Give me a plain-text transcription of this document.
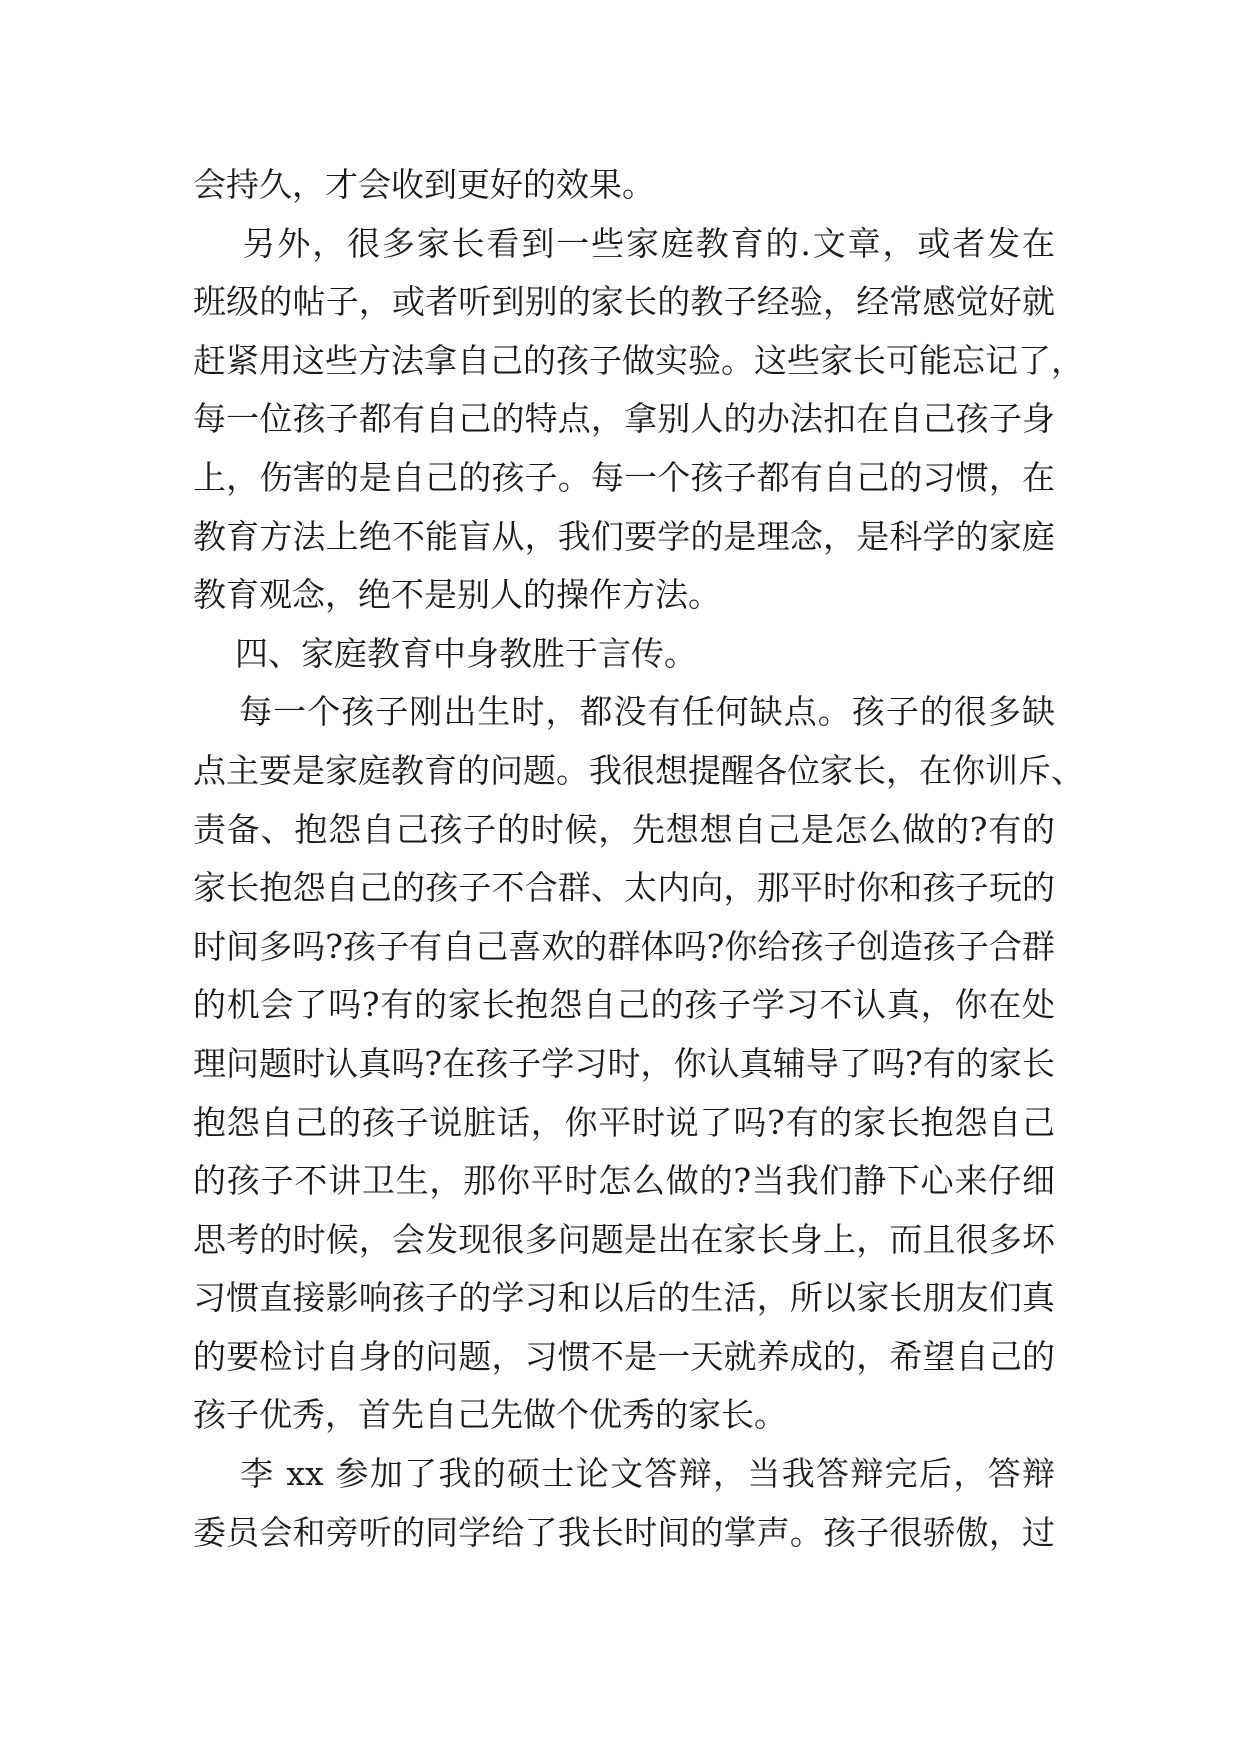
会持久，才会收到更好的效果。
另外，很多家长看到一些家庭教育的.文章，或者发在
班级的帖子，或者听到别的家长的教子经验，经常感觉好就
赶紧用这些方法拿自己的孩子做实验。这些家长可能忘记了，
每一位孩子都有自己的特点，拿别人的办法扣在自己孩子身
上，伤害的是自己的孩子。每一个孩子都有自己的习惯，在
教育方法上绝不能盲从，我们要学的是理念，是科学的家庭
教育观念，绝不是别人的操作方法。
四、家庭教育中身教胜于言传。
每一个孩子刚出生时，都没有任何缺点。孩子的很多缺
点主要是家庭教育的问题。我很想提醒各位家长，在你训斥、
责备、抱怨自己孩子的时候，先想想自己是怎么做的?有的
家长抱怨自己的孩子不合群、太内向，那平时你和孩子玩的
时间多吗?孩子有自己喜欢的群体吗?你给孩子创造孩子合群
的机会了吗?有的家长抱怨自己的孩子学习不认真，你在处
理问题时认真吗?在孩子学习时，你认真辅导了吗?有的家长
抱怨自己的孩子说脏话，你平时说了吗?有的家长抱怨自己
的孩子不讲卫生，那你平时怎么做的?当我们静下心来仔细
思考的时候，会发现很多问题是出在家长身上，而且很多坏
习惯直接影响孩子的学习和以后的生活，所以家长朋友们真
的要检讨自身的问题，习惯不是一天就养成的，希望自己的
孩子优秀，首先自己先做个优秀的家长。
李 xx 参加了我的硕士论文答辩，当我答辩完后，答辩
委员会和旁听的同学给了我长时间的掌声。孩子很骄傲，过
